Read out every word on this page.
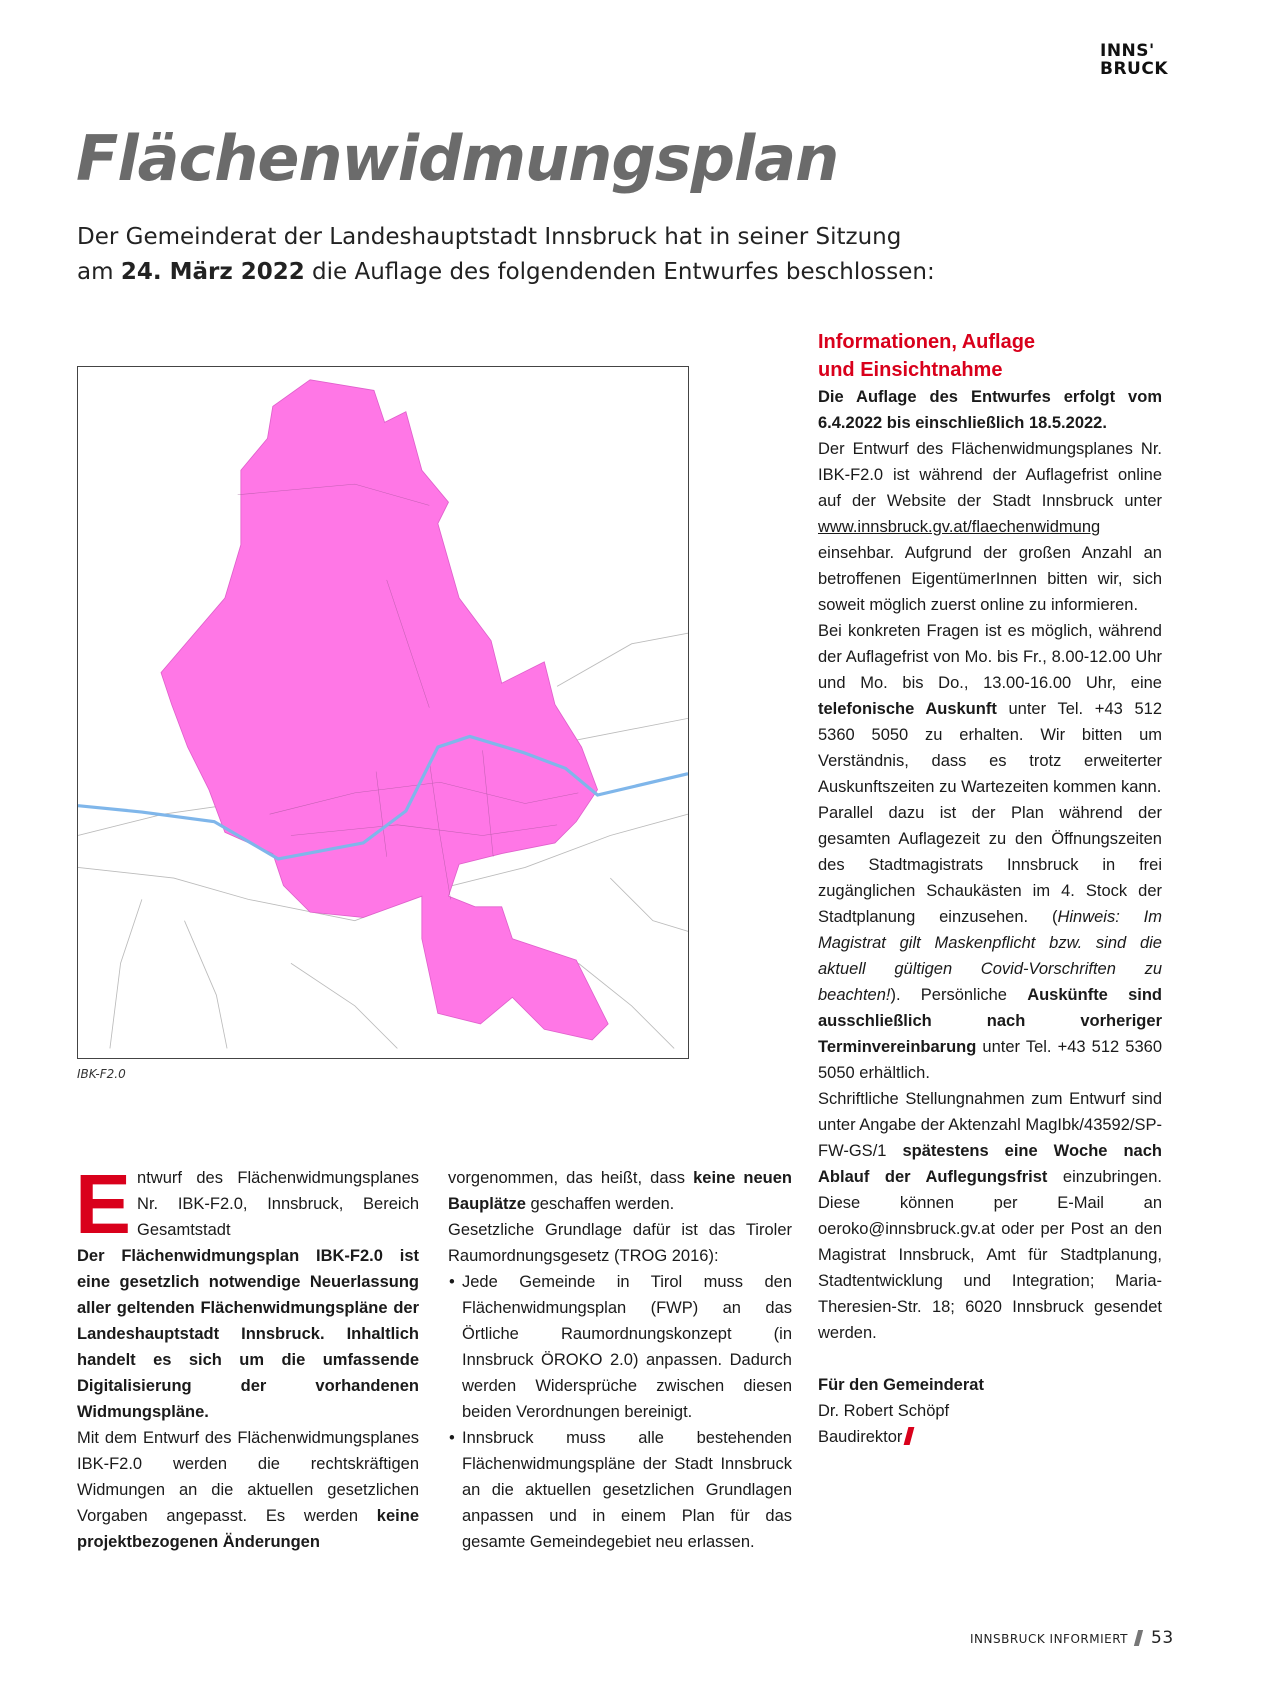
INNS'
BRUCK
Flächenwidmungsplan
Der Gemeinderat der Landeshauptstadt Innsbruck hat in seiner Sitzung
am 24. März 2022 die Auflage des folgendenden Entwurfes beschlossen:
IBK-F2.0
E ntwurf des Flächenwidmungsplanes Nr. IBK-F2.0, Innsbruck, Bereich Gesamtstadt

Der Flächenwidmungsplan IBK-F2.0 ist eine gesetzlich notwendige Neuerlassung aller geltenden Flächenwidmungspläne der Landeshauptstadt Innsbruck. Inhaltlich handelt es sich um die umfassende Digitalisierung der vorhandenen Widmungspläne.

Mit dem Entwurf des Flächenwidmungsplanes IBK-F2.0 werden die rechtskräftigen Widmungen an die aktuellen gesetzlichen Vorgaben angepasst. Es werden keine projektbezogenen Änderungen

vorgenommen, das heißt, dass keine neuen Bauplätze geschaffen werden.

Gesetzliche Grundlage dafür ist das Tiroler Raumordnungsgesetz (TROG 2016):

• Jede Gemeinde in Tirol muss den Flächenwidmungsplan (FWP) an das Örtliche Raumordnungskonzept (in Innsbruck ÖROKO 2.0) anpassen. Dadurch werden Widersprüche zwischen diesen beiden Verordnungen bereinigt.
• Innsbruck muss alle bestehenden Flächenwidmungspläne der Stadt Innsbruck an die aktuellen gesetzlichen Grundlagen anpassen und in einem Plan für das gesamte Gemeindegebiet neu erlassen.
Informationen, Auflage und Einsichtnahme

Die Auflage des Entwurfes erfolgt vom 6.4.2022 bis einschließlich 18.5.2022.

Der Entwurf des Flächenwidmungsplanes Nr. IBK-F2.0 ist während der Auflagefrist online auf der Website der Stadt Innsbruck unter www.innsbruck.gv.at/flaechenwidmung einsehbar. Aufgrund der großen Anzahl an betroffenen EigentümerInnen bitten wir, sich soweit möglich zuerst online zu informieren.

Bei konkreten Fragen ist es möglich, während der Auflagefrist von Mo. bis Fr., 8.00-12.00 Uhr und Mo. bis Do., 13.00-16.00 Uhr, eine telefonische Auskunft unter Tel. +43 512 5360 5050 zu erhalten. Wir bitten um Verständnis, dass es trotz erweiterter Auskunftszeiten zu Wartezeiten kommen kann.

Parallel dazu ist der Plan während der gesamten Auflagezeit zu den Öffnungszeiten des Stadtmagistrats Innsbruck in frei zugänglichen Schaukästen im 4. Stock der Stadtplanung einzusehen. (Hinweis: Im Magistrat gilt Maskenpflicht bzw. sind die aktuell gültigen Covid-Vorschriften zu beachten!). Persönliche Auskünfte sind ausschließlich nach vorheriger Terminvereinbarung unter Tel. +43 512 5360 5050 erhältlich.

Schriftliche Stellungnahmen zum Entwurf sind unter Angabe der Aktenzahl MagIbk/43592/SP-FW-GS/1 spätestens eine Woche nach Ablauf der Auflegungsfrist einzubringen. Diese können per E-Mail an oeroko@innsbruck.gv.at oder per Post an den Magistrat Innsbruck, Amt für Stadtplanung, Stadtentwicklung und Integration; Maria-Theresien-Str. 18; 6020 Innsbruck gesendet werden.

Für den Gemeinderat

Dr. Robert Schöpf

Baudirektor

INNSBRUCK INFORMIERT 53
